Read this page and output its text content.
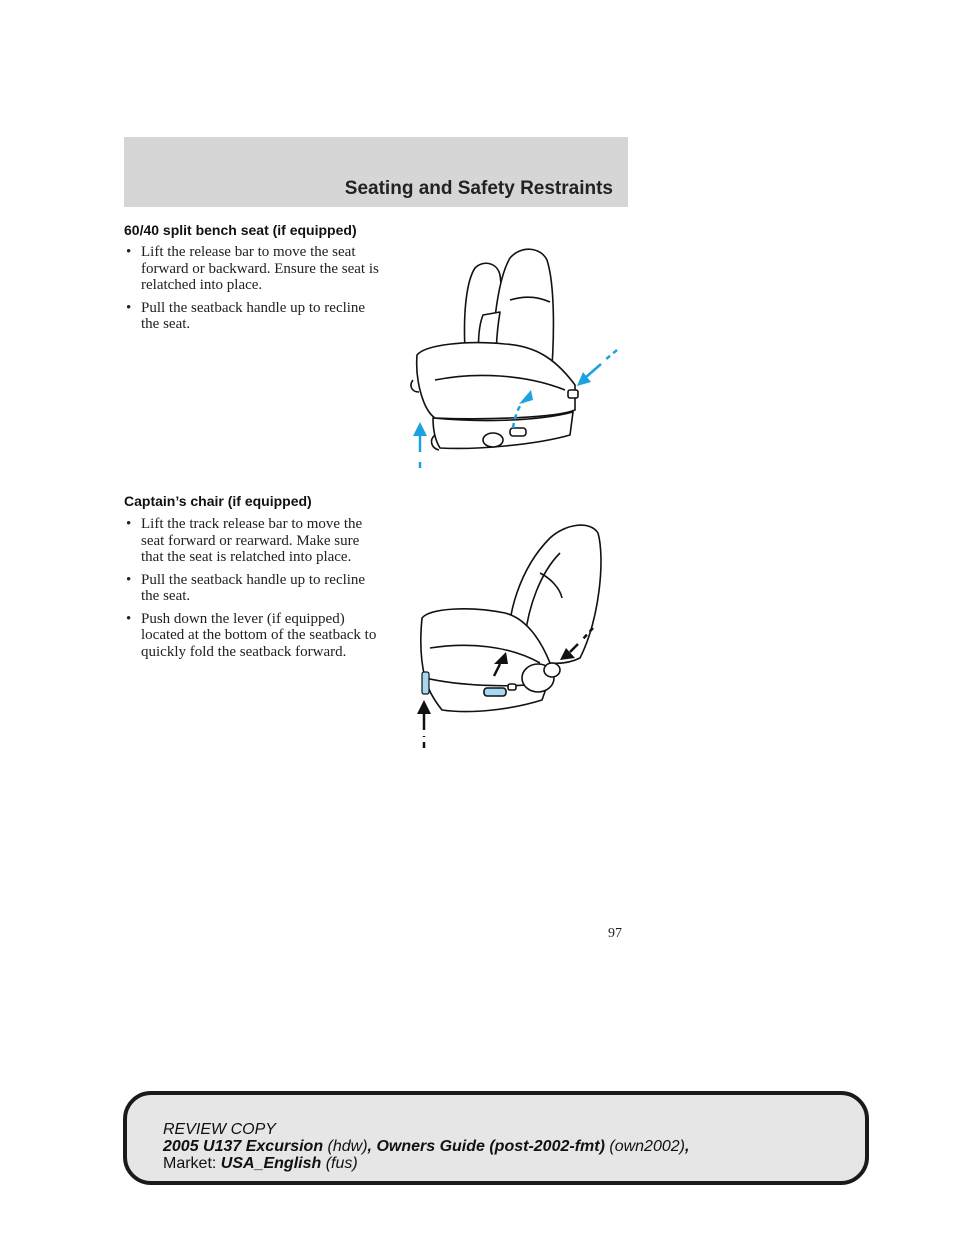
Seating and Safety Restraints
60/40 split bench seat (if equipped)
• Lift the release bar to move the seat forward or backward. Ensure the seat is relatched into place.
• Pull the seatback handle up to recline the seat.
Captain’s chair (if equipped)
• Lift the track release bar to move the seat forward or rearward. Make sure that the seat is relatched into place.
• Pull the seatback handle up to recline the seat.
• Push down the lever (if equipped) located at the bottom of the seatback to quickly fold the seatback forward.
97
REVIEW COPY
2005 U137 Excursion (hdw), Owners Guide (post-2002-fmt) (own2002),
Market: USA_English (fus)
